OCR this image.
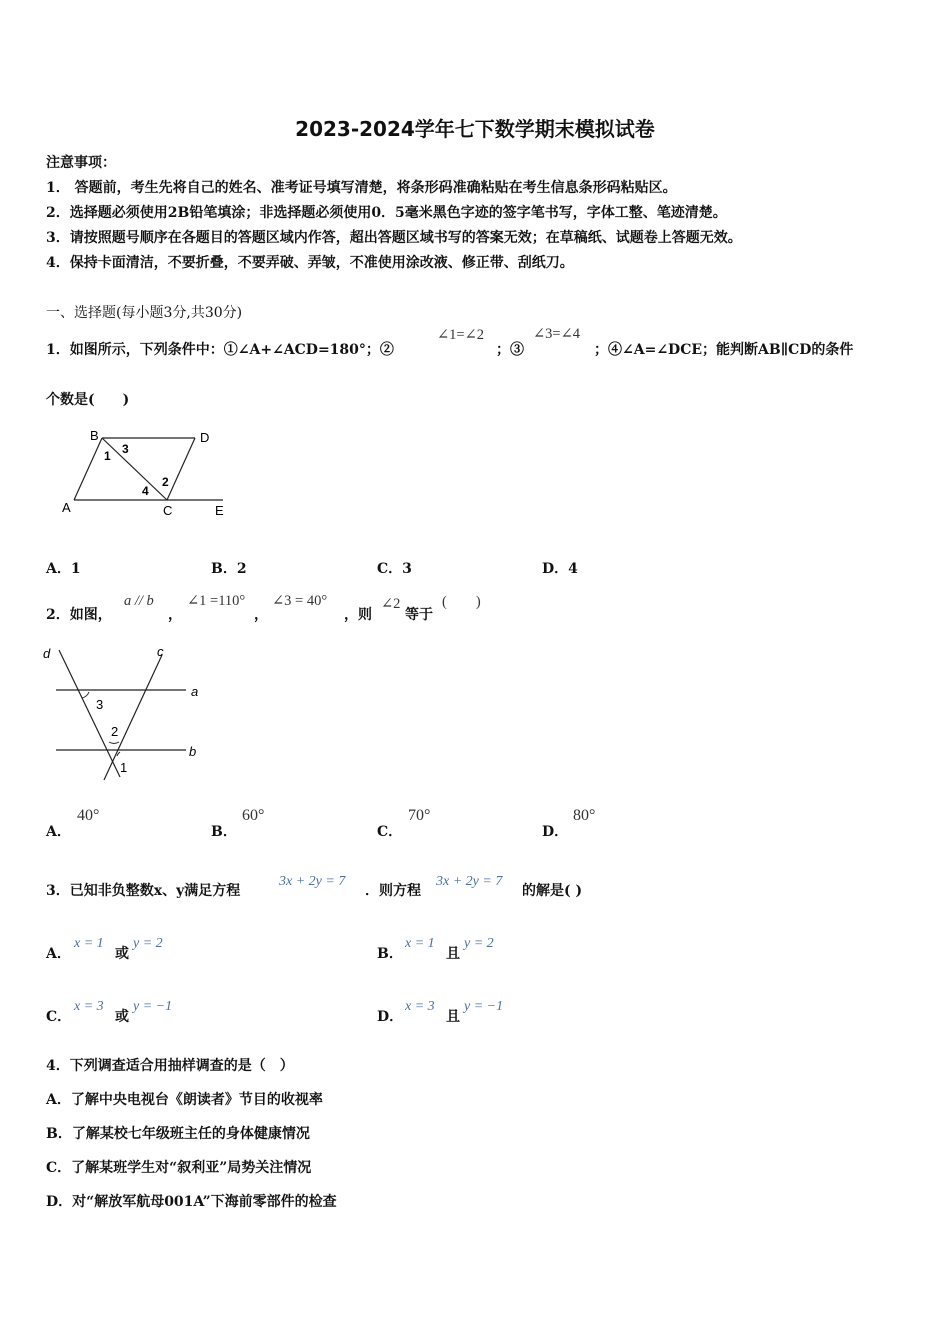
2023-2024学年七下数学期末模拟试卷
注意事项：
1． 答题前，考生先将自己的姓名、准考证号填写清楚，将条形码准确粘贴在考生信息条形码粘贴区。
2．选择题必须使用2B铅笔填涂；非选择题必须使用0．5毫米黑色字迹的签字笔书写，字体工整、笔迹清楚。
3．请按照题号顺序在各题目的答题区域内作答，超出答题区域书写的答案无效；在草稿纸、试题卷上答题无效。
4．保持卡面清洁，不要折叠，不要弄破、弄皱，不准使用涂改液、修正带、刮纸刀。
一、选择题(每小题3分,共30分)
1．如图所示，下列条件中：①∠A+∠ACD=180°；②
∠1=∠2
；③
∠3=∠4
；④∠A=∠DCE；能判断AB∥CD的条件
个数是(　　)
B	D
A	C	E
1 3
2
4
A．1	B．2	C．3	D．4
2．如图，
a // b
，
∠1 =110°
，
∠3 = 40°
，则
∠2
等于
(　　)
d	c
a
b
3
2
1
A．
40°
B．
60°
C．
70°
D．
80°
3．已知非负整数x、y满足方程
3x + 2y = 7
．则方程
3x + 2y = 7
的解是( )
A．
x = 1
或
y = 2
B．
x = 1
且
y = 2
C．
x = 3
或
y = −1
D．
x = 3
且
y = −1
4．下列调查适合用抽样调查的是（　）
A．了解中央电视台《朗读者》节目的收视率
B．了解某校七年级班主任的身体健康情况
C．了解某班学生对“叙利亚”局势关注情况
D．对“解放军航母001A”下海前零部件的检查
